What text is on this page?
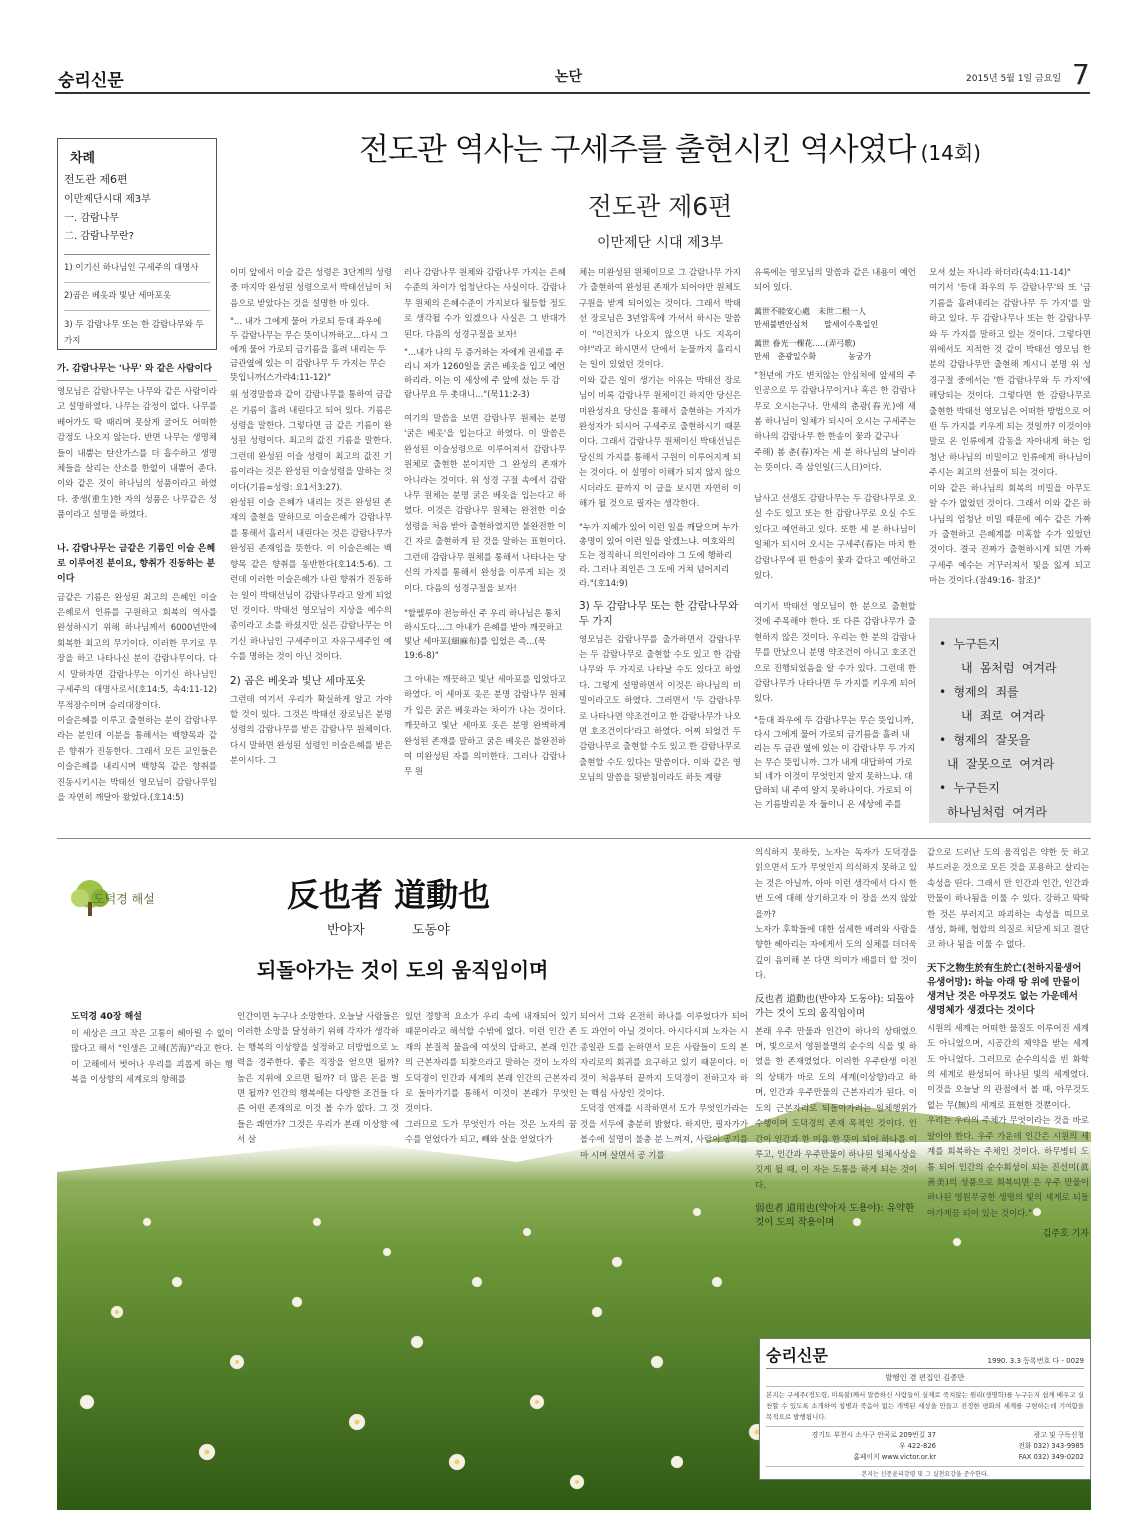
숭리신문	논단	2015년 5월 1일 금요일 7
차례
전도관 제6편
이만제단시대 제3부
一. 감람나무
二. 감람나무란?
1) 이기신 하나님인 구세주의 대명사
2)곱은 베옷과 빛난 세마포옷
3) 두 감람나무 또는 한 감람나무와 두 가지
전도관 역사는 구세주를 출현시킨 역사였다 (14회)
전도관 제6편
이만제단 시대 제3부
가. 감람나무는 '나무' 와 같은 사람이다
영모님은 감람나무는 나무와 같은 사람이라고 설명하였다. 나무는 감정이 없다. 나무를 베어가도 딱 때리며 못살게 굴어도 어떠한 감정도 나오지 않는다. 반면 나무는 생명체들이 내뿜는 탄산가스를 더 흡수하고 생명체들을 살리는 산소를 한없이 내뿜어 준다. 이와 같은 것이 하나님의 성품이라고 하였다. 중생(重生)한 자의 성품은 나무같은 성품이라고 설명을 하였다.
나. 감람나무는 금같은 기름인 이슬 은혜로 이루어진 분이요, 향취가 진동하는 분이다
금같은 기름은 완성된 최고의 은혜인 이슬은혜로서 인류를 구원하고 회복의 역사를 완성하시기 위해 하나님께서 6000년만에 회복한 최고의 무기이다. 이러한 무기로 무장을 하고 나타나신 분이 감람나무이다. 다시 말하자면 감람나무는 이기신 하나님인 구세주의 대명사로서(호14:5, 속4:11-12) 무적장수이며 승리대장이다.
이슬은혜를 이루고 출현하는 분이 감람나무라는 분인데 이분을 통해서는 백향목과 같은 향취가 진동한다. 그래서 모든 교인들은 이슬은혜를 내리시며 백향목 같은 향취를 진동시키시는 박태선 영모님이 감람나무임을 자연히 깨달아 왔었다.(호14:5)
이미 앞에서 이슬 같은 성령은 3단계의 성령 중 마지막 완성된 성령으로서 박태선님이 처음으로 받았다는 것을 설명한 바 있다.
"... 내가 그에게 물어 가로되 등대 좌우에 두 감람나무는 무슨 뜻이니까하고...다시 그에게 물어 가로되 금기름을 흘려 내리는 두 금관옆에 있는 이 감람나무 두 가지는 무슨 뜻입니까(스가랴4:11-12)"
위 성경말씀과 같이 감람나무를 통하여 금같은 기름이 흘려 내린다고 되어 있다. 기름은 성령을 말한다. 그렇다면 금 같은 기름이 완성된 성령이다. 최고의 값진 기름을 말한다. 그런데 완성된 이슬 성령이 최고의 값진 기름이라는 것은 완성된 이슬성령을 말하는 것이다(기름=성령: 요1서3:27).
완성된 이슬 은혜가 내리는 것은 완성된 존재의 출현을 말하므로 이슬은혜가 감람나무를 통해서 흘러서 내린다는 것은 감람나무가 완성된 존재임을 뜻한다. 이 이슬은혜는 백향목 같은 향취를 동반한다(호14:5-6). 그런데 이러한 이슬은혜가 나린 향취가 진동하는 일이 박태선님이 감람나무라고 알게 되었던 것이다. 박태선 영모님이 지상을 예수의 종이라고 소를 하셨지만 실은 감람나무는 이기신 하나님인 구세주이고 자유구세주인 예수를 명하는 것이 아닌 것이다.
2) 곱은 베옷과 빛난 세마포옷
그런데 여기서 우리가 확실하게 알고 가야 할 것이 있다. 그것은 박태선 장로님은 분명 성령의 감람나무를 받은 감람나무 원체이다. 다시 말하면 완성된 성령인 이슬은혜를 받은 분이시다. 그
러나 감람나무 원체와 감람나무 가지는 은혜 수준의 차이가 엄청난다는 사실이다. 감람나무 원체의 은혜수준이 가지보다 월등할 정도로 생각될 수가 있겠으나 사실은 그 반대가 된다. 다음의 성경구절을 보자!
"...내가 나의 두 증거하는 자에게 권세를 주리니 저가 1260일을 굵은 베옷을 입고 예언하리라. 이는 이 세상에 주 앞에 섰는 두 감람나무요 두 촛대니..."(묵11:2-3)
여기의 말씀을 보면 감람나무 원체는 분명 '굵은 베옷'을 입는다고 하였다. 이 말씀은 완성된 이슬성령으로 이루어져서 감람나무 원체로 출현한 분이지만 그 완성의 존재가 아니라는 것이다. 위 성경 구절 속에서 감람나무 원체는 분명 굵은 베옷을 입는다고 하였다. 이것은 감람나무 원체는 완전한 이슬성령을 처음 받아 출현하였지만 불완전한 이긴 자로 출현하게 된 것을 말하는 표현이다. 그런데 감람나무 원체를 통해서 나타나는 당신의 가지를 통해서 완성을 이루게 되는 것이다. 다음의 성경구절을 보자!
"할렐루야 전능하신 주 우리 하나님은 통치하시도다...그 아내가 은혜를 받아 깨끗하고 빛난 세마포(細麻布)를 입었은 즉...(묵19:6-8)"
그 아내는 깨끗하고 빛난 세마포를 입었다고 하였다. 이 세마포 옷은 분명 감람나무 원체가 입은 굵은 베옷과는 차이가 나는 것이다. 깨끗하고 빛난 세마포 옷은 분명 완벽하게 완성된 존재를 말하고 굵은 베옷은 불완전하여 미완성된 자를 의미한다. 그러나 감람나무 원
체는 미완성된 원체이므로 그 감람나무 가지가 출현하여 완성된 존재가 되어야만 원체도 구원을 받게 되어있는 것이다. 그래서 박태선 장로님은 3년암흑에 가셔서 하시는 말씀이 "이건치가 나오지 않으면 나도 지옥이야!"라고 하시면서 단에서 눈물까지 흘리시는 일이 있었던 것이다.
이와 같은 일이 생기는 이유는 박태선 장로님이 비록 감람나무 원체이긴 하지만 당신은 미완성자요 당신을 통해서 출현하는 가지가 완성자가 되시어 구세주로 출현하시기 때문이다. 그래서 감람나무 원체이신 박태선님은 당신의 가지를 통해서 구원이 이루어지게 되는 것이다. 이 설명이 이해가 되지 않지 않으시더라도 끝까지 이 글을 보시면 자연히 이해가 될 것으로 필자는 생각한다.
"누가 지혜가 있어 이런 일을 깨달으며 누가 총명이 있어 이런 일을 알겠느냐. 여호와의 도는 정직하니 의인이라야 그 도에 행하리라. 그러나 죄인은 그 도에 거쳐 넘어지리라."(호14:9)
3) 두 감람나무 또는 한 감람나무와 두 가지
영모님은 감람나무를 출가하면서 감람나무는 두 감람나무로 출현할 수도 있고 한 감람나무와 두 가지로 나타날 수도 있다고 하였다. 그렇게 설명하면서 이것은 하나님의 비밀이라고도 하였다. 그러면서 '두 감람나무로 나타나면 약조건이고 한 감람나무가 나오면 호조건이다'라고 하였다. 어찌 되었건 두 감람나무로 출현할 수도 있고 한 감람나무로 출현할 수도 있다는 말씀이다. 이와 같은 영모님의 말씀을 뒷받침이라도 하듯 계량
유록에는 영모님의 말씀과 같은 내용이 예언되어 있다.
萬世不睦安心處　未世二根一人
만세불변안심처　　말세이수혹일인
萬世 眷光一棵花.....(弄弓歌)
만세　춘광일수화　　　　농궁가
"천년에 가도 변치않는 안심처에 앞세의 주인공으로 두 감람나무이거나 혹은 한 감람나무로 오시는구나. 만세의 춘광(春光)에 새 봄 하나님이 일체가 되시어 오시는 구세주는 하나의 감람나무 한 한송이 꽃과 같구나
주해) 봄 춘(春)자는 세 분 하나님의 날이라는 뜻이다. 즉 삼인일(三人日)이다.

남사고 선생도 감람나무는 두 감람나무로 오실 수도 있고 또는 한 감람나무로 오실 수도 있다고 예언하고 있다. 또한 세 분 하나님이 일체가 되시어 오시는 구세주(春)는 마치 한 감람나무에 핀 한송이 꽃과 같다고 예언하고 있다.

여기서 박태선 영모님이 한 분으로 출현할 것에 주목해야 한다. 또 다른 감람나무가 출현하지 않은 것이다. 우리는 한 분의 감람나무를 만났으니 분명 약조건이 아니고 호조건으로 진행되었음을 알 수가 있다. 그런데 한 감람나무가 나타나면 두 가지를 키우게 되어 있다.
"등대 좌우에 두 감람나무는 무슨 뜻입니까, 다시 그에게 물어 가로되 금기름을 흘려 내리는 두 금관 옆에 있는 이 감람나무 두 가지는 무슨 뜻입니까. 그가 내게 대답하여 가로되 네가 이것이 무엇인지 알지 못하느냐. 대답하되 내 주여 알지 못하나이다. 가로되 이는 기름발리운 자 둘이니 온 세상에 주를
모셔 섰는 자니라 하더라(속4:11-14)"
여기서 '등대 좌우의 두 감람나무'와 또 '금기름을 흘려내리는 감람나무 두 가지'를 말하고 있다. 두 감람나무나 또는 한 감람나무와 두 가지를 말하고 있는 것이다. 그렇다면 위에서도 지적한 것 같이 박태선 영모님 한 분의 감람나무만 출현해 계시니 분명 위 성경구절 중에서는 '한 감람나무와 두 가지'에 해당되는 것이다. 그렇다면 한 감람나무로 출현한 박태선 영모님은 어떠한 방법으로 어떤 두 가지를 키우게 되는 것일까? 이것이야말로 온 인류에게 감동을 자아내게 하는 엄청난 하나님의 비밀이고 인류에게 하나님이 주시는 최고의 선물이 되는 것이다.
이와 같은 하나님의 회복의 비밀을 아무도 알 수가 없었던 것이다. 그래서 이와 같은 하나님의 엄청난 비밀 때문에 예수 같은 가짜가 출현하고 은혜계를 미혹할 수가 있었던 것이다. 결국 진짜가 출현하시게 되면 가짜 구세주 예수는 거꾸러져서 빛을 잃게 되고 마는 것이다.(잠49:16- 참조)"
• 누구든지
내 몸처럼 여겨라
• 형제의 죄를
내 죄로 여겨라
• 형제의 잘못을
내 잘못으로 여겨라
• 누구든지
하나님처럼 여겨라
도덕경 해설	反也者 道動也
반야자	도동야
되돌아가는 것이 도의 움직임이며
도덕경 40장 해설
이 세상은 크고 작은 고통이 헤아릴 수 없이 많다고 해서 "인생은 고해(苦海)"라고 한다. 이 고해에서 벗어나 우리를 괴롭게 하는 행복을 이상향의 세계로의 항해를
인간이면 누구나 소망한다. 오늘날 사람들은 이러한 소망을 달성하기 위해 각자가 생각하는 행복의 이상향을 설정하고 더방법으로 노력을 경주한다. 좋은 직장을 얻으면 될까? 높은 지위에 오르면 될까? 더 많은 돈을 벌면 될까? 인간의 행복에는 다양한 조건들 다른 어떤 존재의로 이것 볼 수가 없다. 그 것들은 쾌연가? 그것은 우리가 본래 이상향 에서 살
있던 경향적 요소가 우리 속에 내재되어 있기 때문이라고 해석할 수밖에 없다. 이런 인간 존재의 본질적 물음에 여섯의 답하고, 본래 인간의 근본자리를 되찾으라고 말하는 것이 노자의 도덕경이 인간과 세계의 본래 인간의 근본자리로 돌아가기를 통해서 이것이 본래가 무엇인 것이다.
그러므로 도가 무엇인가 아는 것은 노자의 꿈수를 얻었다가 되고, 빼와 살을 얻었다가
되어서 그와 온전히 하나를 이루었다가 되어도 과언이 아닐 것이다. 아시다시피 노자는 시종일관 도를 논하면서 모든 사람들이 도의 본 자리로의 회귀를 요구하고 있기 때문이다. 이것이 처음부터 끝까지 도덕경이 전하고자 하는 핵심 사상인 것이다.
도덕경 연재를 시작하면서 도가 무엇인가라는 것을 서두에 충분히 밝혔다. 하지만, 필자가가 볼수에 설명이 불충 분 느껴져, 사람이 공기를 마 시며 살면서 공 기를
의식하지 못하듯, 노자는 독자가 도덕경을 읽으면서 도가 무엇인지 의식하지 못하고 있는 것은 아닐까, 아마 이런 생각에서 다시 한 번 도에 대해 상기하고자 이 장을 쓰지 않았을까?
노자가 후학들에 대한 섬세한 배려와 사람을 향한 헤아리는 자에게서 도의 실체를 더더욱 깊이 음미해 본 다면 의미가 배를더 할 것이다.
反也者 道動也(반야자 도동야): 되돌아가는 것이 도의 움직임이며
본래 우주 만물과 인간이 하나의 상태였으며, 빛으로서 영원불멸의 순수의 식을 빛 하였을 한 존재였었다. 이러한 우주탄생 이전의 상태가 바로 도의 세계(이상향)라고 하며, 인간과 우주만물의 근본자리가 된다. 이 도의 근본자리로 되돌아가려는 일체행위가 수행이며 도덕경의 존재 목적인 것이다. 인간이 인간과 한 미음 한 뜻이 되어 하나를 이루고, 인간과 우주만물이 하나된 일체사상을 깃게 될 때, 이 자는 도통을 하게 되는 것이다.
弱也者 道用也(약아자 도용야): 유약한 것이 도의 작용이며
같으로 드러난 도의 움직임은 약한 듯 하고 부드러운 것으로 모든 것을 포용하고 살리는 속성을 띤다. 그래서 만 인간과 인간, 인간과 만물이 하나됨을 이룰 수 있다. 강하고 딱딱한 것은 부러지고 파괴하는 속성을 띠므로 생성, 화해, 협합의 의질로 치닫게 되고 결단코 하나 됨을 이룰 수 없다.
天下之物生於有生於亡(천하지물생어유생어망): 하늘 아래 땅 위에 만물이 생겨난 것은 아무것도 없는 가운데서 생명체가 생겼다는 것이다
시원의 세계는 어떠한 물질도 이루어진 세계도 아니었으며, 시공간의 제약을 받는 세계도 아니었다. 그러므로 순수의식을 빈 화학의 세계로 완성되어 하나된 빛의 세계였다. 이것을 오늘날 의 관점에서 볼 때, 아무것도 없는 무(無)의 세계로 표현한 것뿐이다.
우리는 우리의 주체가 무엇이라는 것을 바로 알아야 한다. 우주 가운데 인간은 시원의 세계를 회복하는 주체인 것이다. 하무병티 도통 되어 인간의 순수회성이 되는 진선미(眞善美)의 성품으로 회복되면 은 우주 만물이 하나된 영원무궁한 생명의 빛의 세계로 되돌아가게끔 되어 있는 것이다."
김주호 기자
숭리신문	1990. 3.3 등록번호 다 - 0029
발행인 겸 편집인 김종만
본지는 구세주(정도령, 미륵불)께서 말씀하신 사람들이 실제로 죽지않는 원리(생명학)를 누구든지 쉽게 배우고 실천할 수 있도록 소개하여 칭병과 죽음이 없는 개벽된 세상을 만들고 진정한 평화의 세계를 구현하는데 기여함을 목적으로 발행됩니다.
경기도 부천시 소사구 안곡로 209번길 37
우 422-826
홈페이지 www.victor.or.kr
광고 및 구독신청
전화 032) 343-9985
FAX 032) 349-0202
본지는 신문윤리강령 및 그 실천요강을 준수한다.
